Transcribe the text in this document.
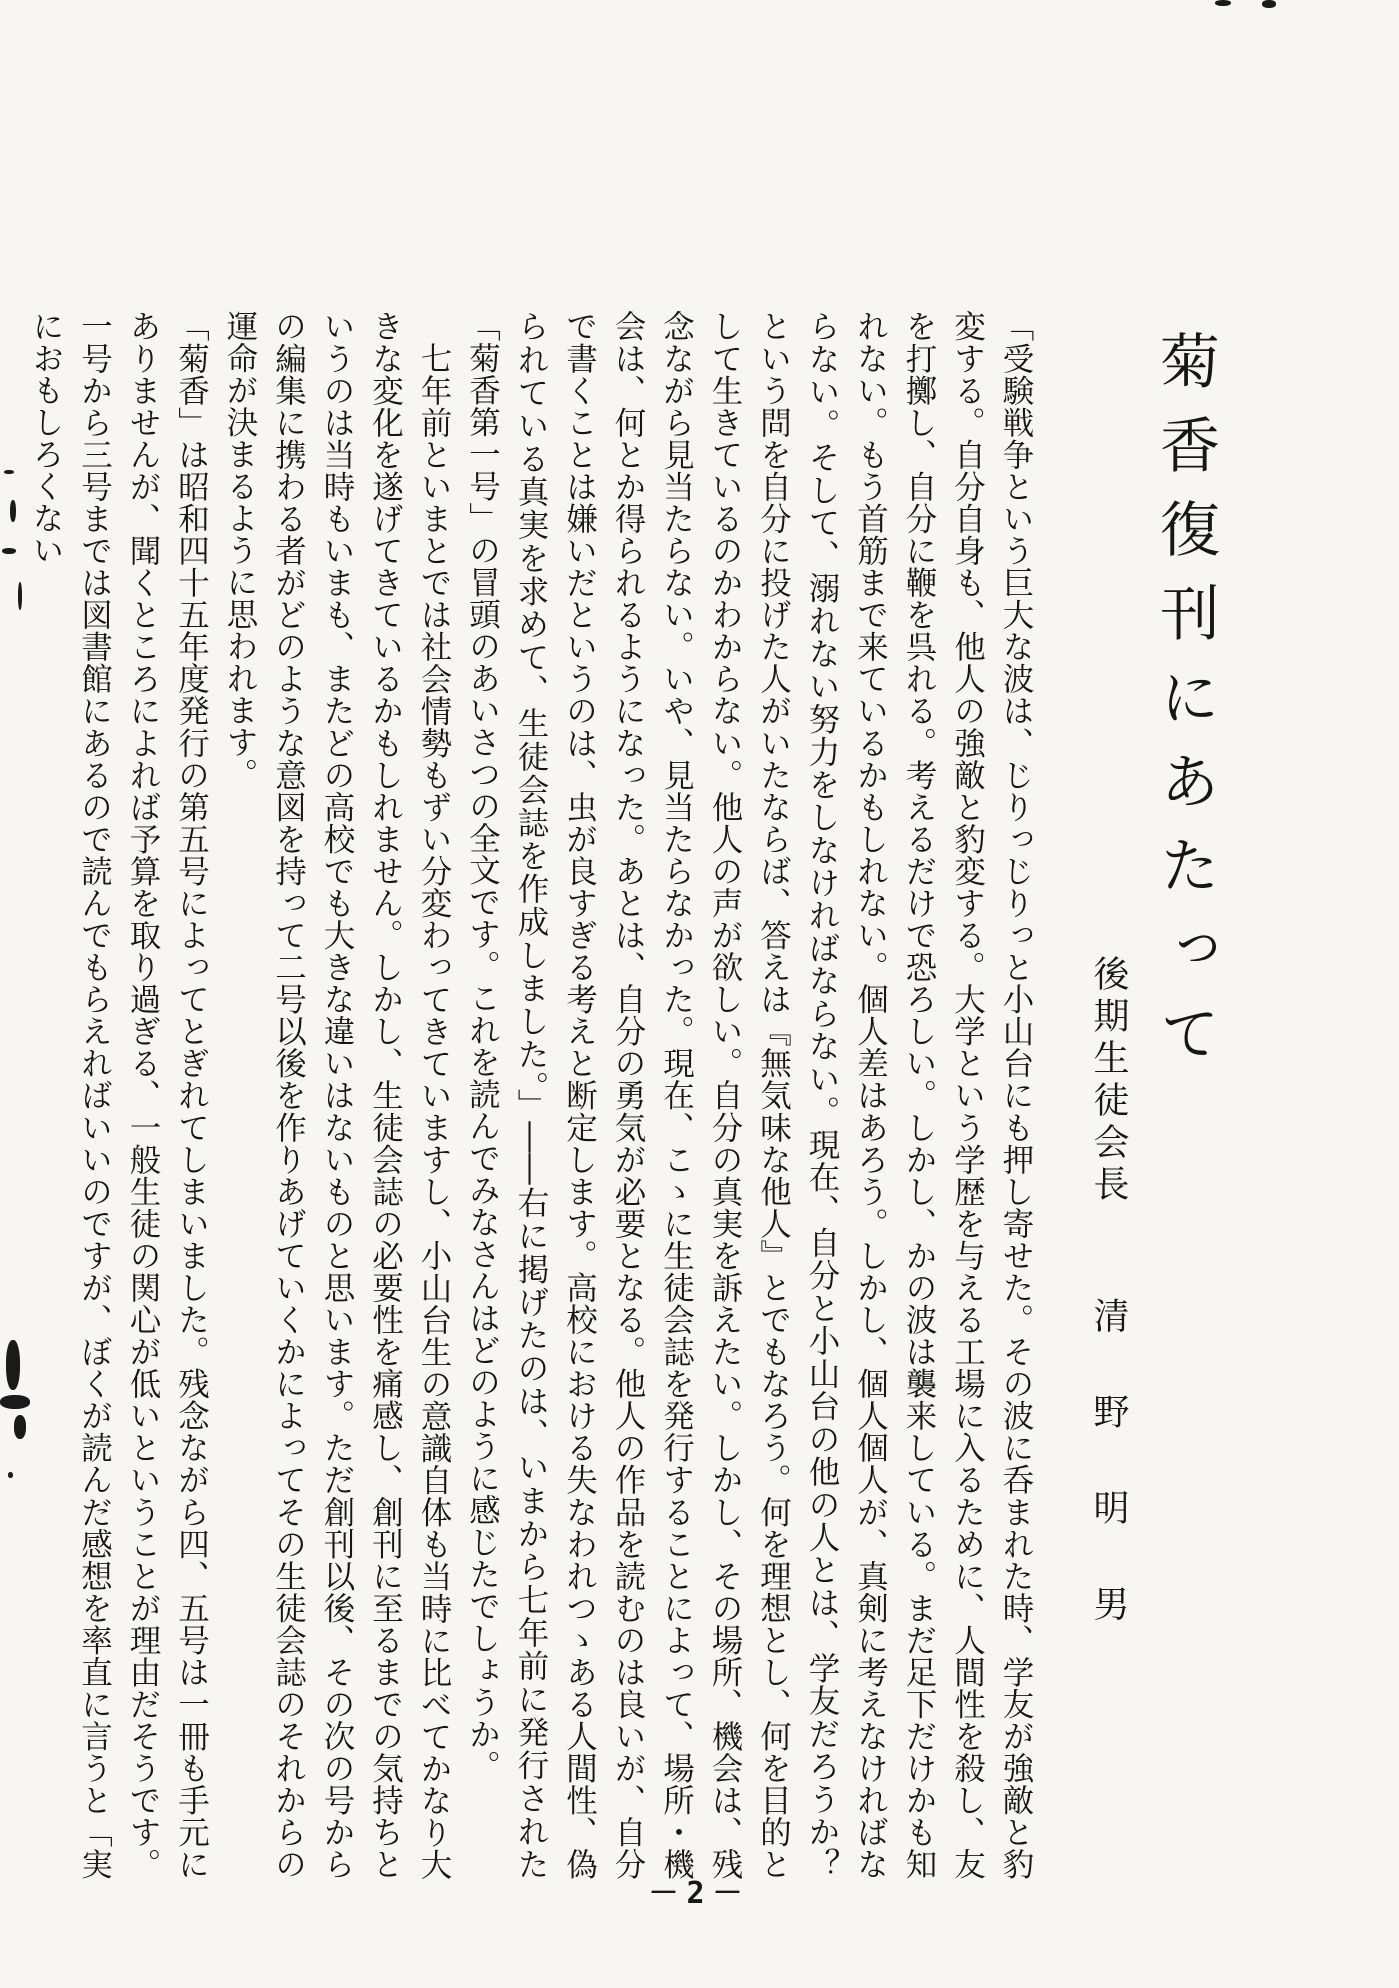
菊香復刊にあたって
後期生徒会長
清野明男

「受験戦争という巨大な波は、じりっじりっと小山台にも押し寄せた。その波に呑まれた時、学友が強敵と豹変する。自分自身も、他人の強敵と豹変する。大学という学歴を与える工場に入るために、人間性を殺し、友を打擲し、自分に鞭を呉れる。考えるだけで恐ろしい。しかし、かの波は襲来している。まだ足下だけかも知れない。もう首筋まで来ているかもしれない。個人差はあろう。しかし、個人個人が、真剣に考えなければならない。そして、溺れない努力をしなければならない。現在、自分と小山台の他の人とは、学友だろうか？　という問を自分に投げた人がいたならば、答えは『無気味な他人』とでもなろう。何を理想とし、何を目的として生きているのかわからない。他人の声が欲しい。自分の真実を訴えたい。しかし、その場所、機会は、残念ながら見当たらない。いや、見当たらなかった。現在、こゝに生徒会誌を発行することによって、場所・機会は、何とか得られるようになった。あとは、自分の勇気が必要となる。他人の作品を読むのは良いが、自分で書くことは嫌いだというのは、虫が良すぎる考えと断定します。高校における失なわれつゝある人間性、偽られている真実を求めて、生徒会誌を作成しました。」――右に掲げたのは、いまから七年前に発行された「菊香第一号」の冒頭のあいさつの全文です。これを読んでみなさんはどのように感じたでしょうか。

七年前といまとでは社会情勢もずい分変わってきていますし、小山台生の意識自体も当時に比べてかなり大きな変化を遂げてきているかもしれません。しかし、生徒会誌の必要性を痛感し、創刊に至るまでの気持ちというのは当時もいまも、またどの高校でも大きな違いはないものと思います。ただ創刊以後、その次の号からの編集に携わる者がどのような意図を持って二号以後を作りあげていくかによってその生徒会誌のそれからの運命が決まるように思われます。

「菊香」は昭和四十五年度発行の第五号によってとぎれてしまいました。残念ながら四、五号は一冊も手元にありませんが、聞くところによれば予算を取り過ぎる、一般生徒の関心が低いということが理由だそうです。一号から三号までは図書館にあるので読んでもらえればいいのですが、ぼくが読んだ感想を率直に言うと「実におもしろくない

－2－
